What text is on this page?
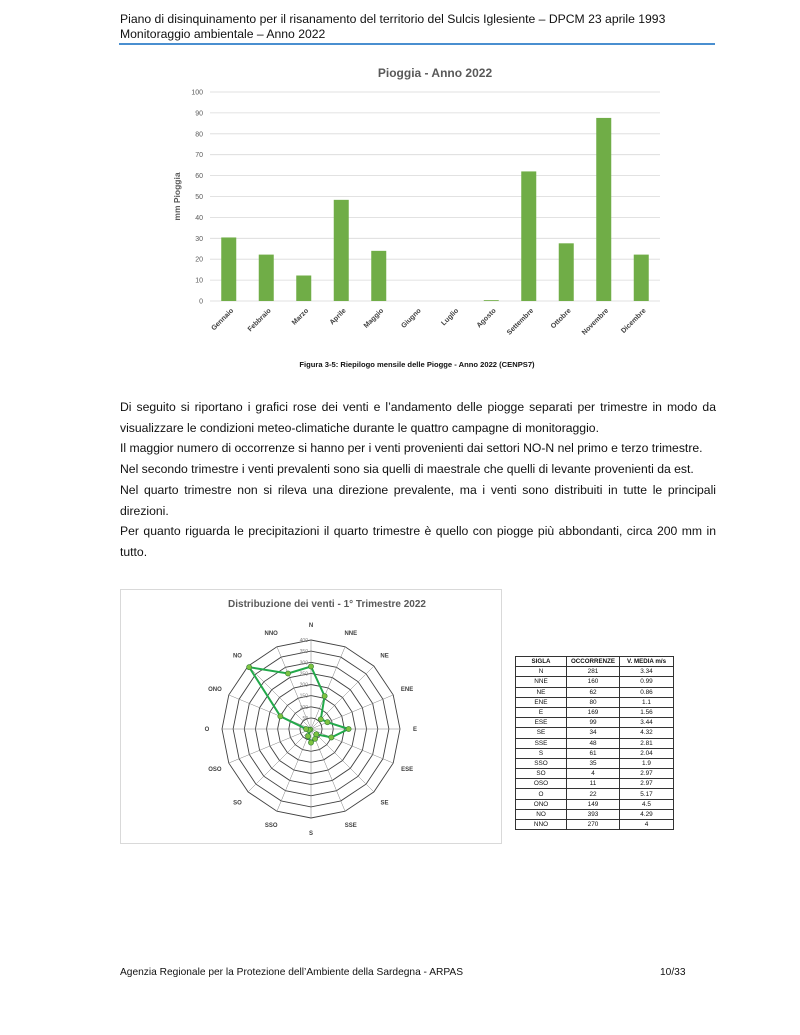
Piano di disinquinamento per il risanamento del territorio del Sulcis Iglesiente – DPCM 23 aprile 1993
Monitoraggio ambientale – Anno 2022
Pioggia - Anno 2022
0
10
20
30
40
50
60
70
80
90
100
mm Pioggia
Gennaio Febbraio	Marzo	Aprile Maggio Giugno	Luglio Agosto Settembre Ottobre Novembre Dicembre
Figura 3-5: Riepilogo mensile delle Piogge - Anno 2022 (CENPS7)

Di seguito si riportano i grafici rose dei venti e l’andamento delle piogge separati per trimestre in modo da visualizzare le condizioni meteo-climatiche durante le quattro campagne di monitoraggio.

Il maggior numero di occorrenze si hanno per i venti provenienti dai settori NO-N nel primo e terzo trimestre.

Nel secondo trimestre i venti prevalenti sono sia quelli di maestrale che quelli di levante provenienti da est.

Nel quarto trimestre non si rileva una direzione prevalente, ma i venti sono distribuiti in tutte le principali direzioni.

Per quanto riguarda le precipitazioni il quarto trimestre è quello con piogge più abbondanti, circa 200 mm in tutto.

Distribuzione dei venti - 1° Trimestre 2022
50
100
150
200
250
300
350
400
N
NNE
NE
ENE
E
ESE
SE
SSE
S
SSO
SO
OSO
O
ONO
NO
NNO
SIGLA	OCCORRENZE	V. MEDIA m/s
N	281	3.34
NNE	160	0.99
NE	62	0.86
ENE	80	1.1
E	169	1.56
ESE	99	3.44
SE	34	4.32
SSE	48	2.81
S	61	2.04
SSO	35	1.9
SO	4	2.97
OSO	11	2.97
O	22	5.17
ONO	149	4.5
NO	393	4.29
NNO	270	4
Agenzia Regionale per la Protezione dell’Ambiente della Sardegna - ARPAS	10/33
